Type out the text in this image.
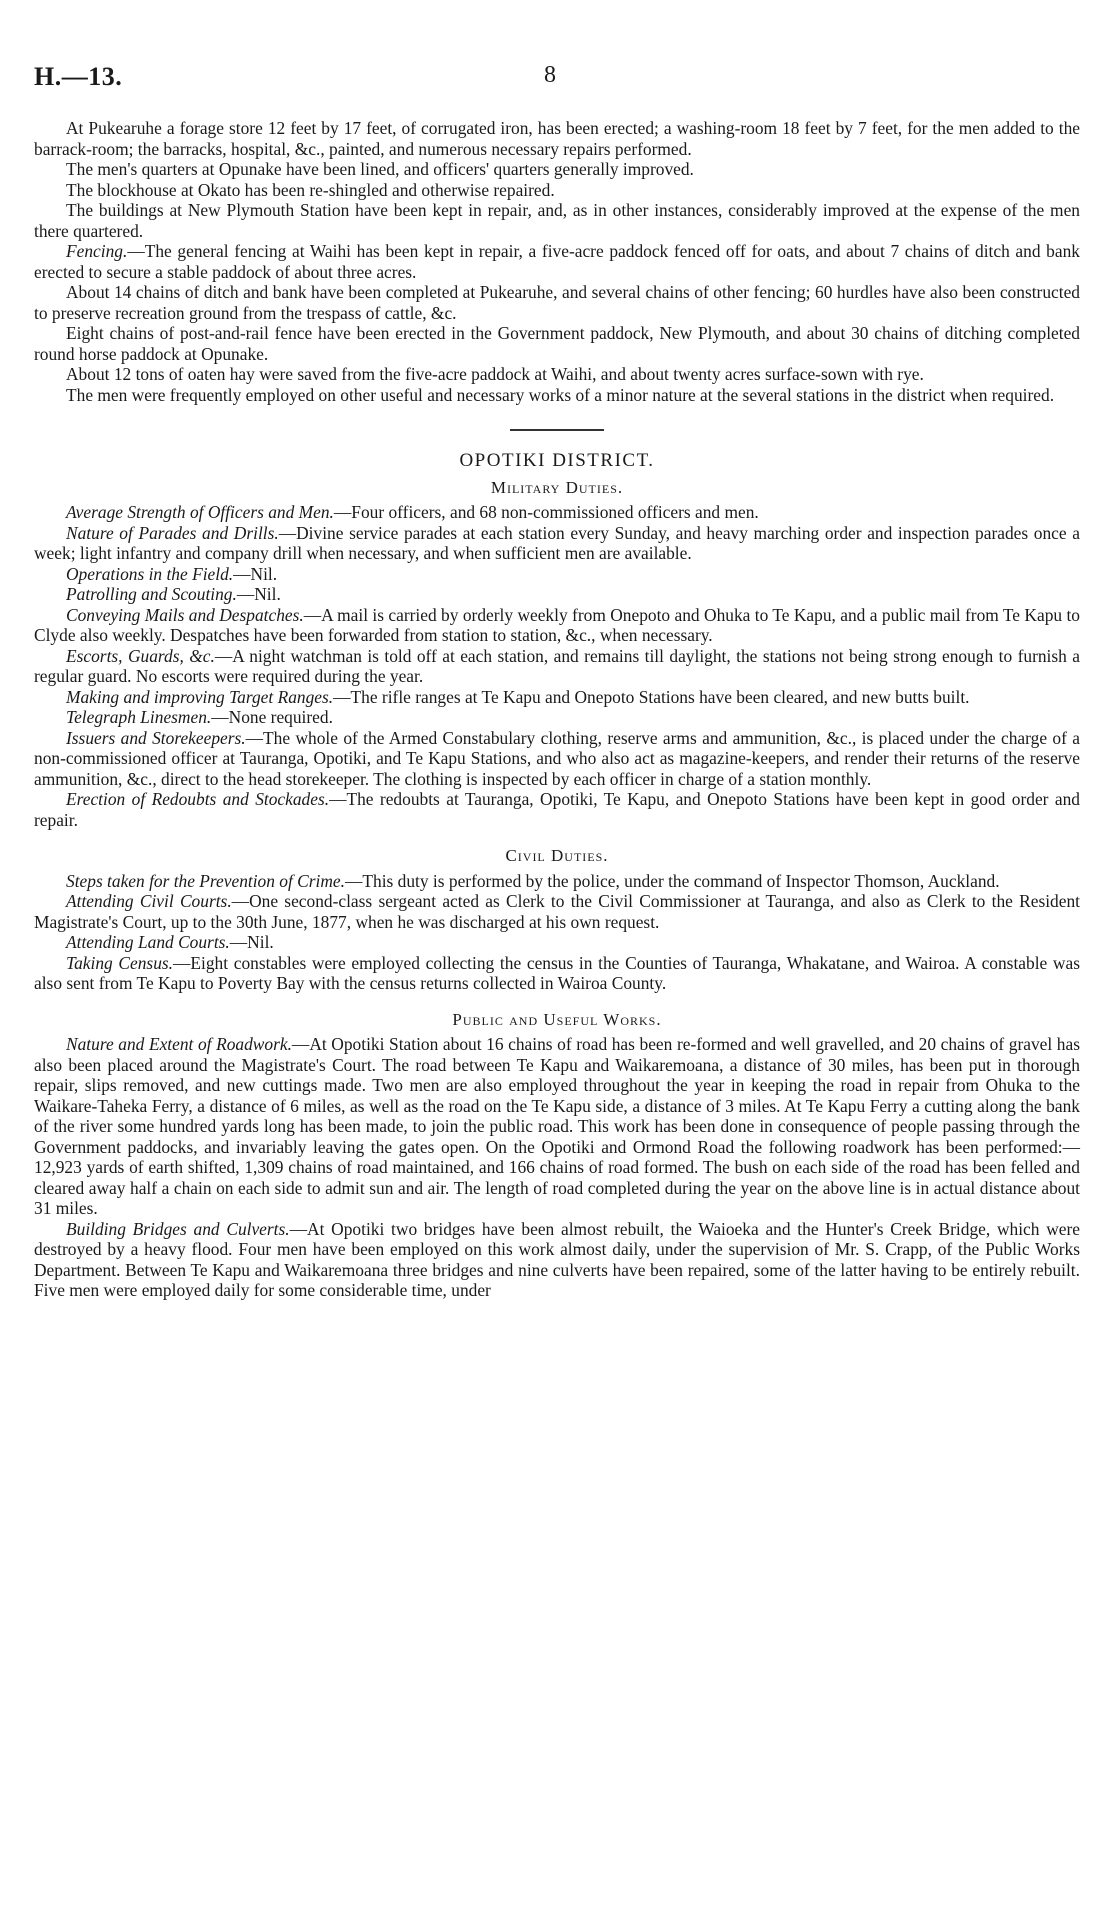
H.—13.	8

At Pukearuhe a forage store 12 feet by 17 feet, of corrugated iron, has been erected; a washing-room 18 feet by 7 feet, for the men added to the barrack-room; the barracks, hospital, &c., painted, and numerous necessary repairs performed.

The men's quarters at Opunake have been lined, and officers' quarters generally improved.

The blockhouse at Okato has been re-shingled and otherwise repaired.

The buildings at New Plymouth Station have been kept in repair, and, as in other instances, considerably improved at the expense of the men there quartered.

Fencing.—The general fencing at Waihi has been kept in repair, a five-acre paddock fenced off for oats, and about 7 chains of ditch and bank erected to secure a stable paddock of about three acres.

About 14 chains of ditch and bank have been completed at Pukearuhe, and several chains of other fencing; 60 hurdles have also been constructed to preserve recreation ground from the trespass of cattle, &c.

Eight chains of post-and-rail fence have been erected in the Government paddock, New Plymouth, and about 30 chains of ditching completed round horse paddock at Opunake.

About 12 tons of oaten hay were saved from the five-acre paddock at Waihi, and about twenty acres surface-sown with rye.

The men were frequently employed on other useful and necessary works of a minor nature at the several stations in the district when required.

OPOTIKI DISTRICT.
Military Duties.

Average Strength of Officers and Men.—Four officers, and 68 non-commissioned officers and men.

Nature of Parades and Drills.—Divine service parades at each station every Sunday, and heavy marching order and inspection parades once a week; light infantry and company drill when necessary, and when sufficient men are available.

Operations in the Field.—Nil.

Patrolling and Scouting.—Nil.

Conveying Mails and Despatches.—A mail is carried by orderly weekly from Onepoto and Ohuka to Te Kapu, and a public mail from Te Kapu to Clyde also weekly. Despatches have been forwarded from station to station, &c., when necessary.

Escorts, Guards, &c.—A night watchman is told off at each station, and remains till daylight, the stations not being strong enough to furnish a regular guard. No escorts were required during the year.

Making and improving Target Ranges.—The rifle ranges at Te Kapu and Onepoto Stations have been cleared, and new butts built.

Telegraph Linesmen.—None required.

Issuers and Storekeepers.—The whole of the Armed Constabulary clothing, reserve arms and ammunition, &c., is placed under the charge of a non-commissioned officer at Tauranga, Opotiki, and Te Kapu Stations, and who also act as magazine-keepers, and render their returns of the reserve ammunition, &c., direct to the head storekeeper. The clothing is inspected by each officer in charge of a station monthly.

Erection of Redoubts and Stockades.—The redoubts at Tauranga, Opotiki, Te Kapu, and Onepoto Stations have been kept in good order and repair.

Civil Duties.

Steps taken for the Prevention of Crime.—This duty is performed by the police, under the command of Inspector Thomson, Auckland.

Attending Civil Courts.—One second-class sergeant acted as Clerk to the Civil Commissioner at Tauranga, and also as Clerk to the Resident Magistrate's Court, up to the 30th June, 1877, when he was discharged at his own request.

Attending Land Courts.—Nil.

Taking Census.—Eight constables were employed collecting the census in the Counties of Tauranga, Whakatane, and Wairoa. A constable was also sent from Te Kapu to Poverty Bay with the census returns collected in Wairoa County.

Public and Useful Works.

Nature and Extent of Roadwork.—At Opotiki Station about 16 chains of road has been re-formed and well gravelled, and 20 chains of gravel has also been placed around the Magistrate's Court. The road between Te Kapu and Waikaremoana, a distance of 30 miles, has been put in thorough repair, slips removed, and new cuttings made. Two men are also employed throughout the year in keeping the road in repair from Ohuka to the Waikare-Taheka Ferry, a distance of 6 miles, as well as the road on the Te Kapu side, a distance of 3 miles. At Te Kapu Ferry a cutting along the bank of the river some hundred yards long has been made, to join the public road. This work has been done in consequence of people passing through the Government paddocks, and invariably leaving the gates open. On the Opotiki and Ormond Road the following roadwork has been performed:—12,923 yards of earth shifted, 1,309 chains of road maintained, and 166 chains of road formed. The bush on each side of the road has been felled and cleared away half a chain on each side to admit sun and air. The length of road completed during the year on the above line is in actual distance about 31 miles.

Building Bridges and Culverts.—At Opotiki two bridges have been almost rebuilt, the Waioeka and the Hunter's Creek Bridge, which were destroyed by a heavy flood. Four men have been employed on this work almost daily, under the supervision of Mr. S. Crapp, of the Public Works Department. Between Te Kapu and Waikaremoana three bridges and nine culverts have been repaired, some of the latter having to be entirely rebuilt. Five men were employed daily for some considerable time, under
